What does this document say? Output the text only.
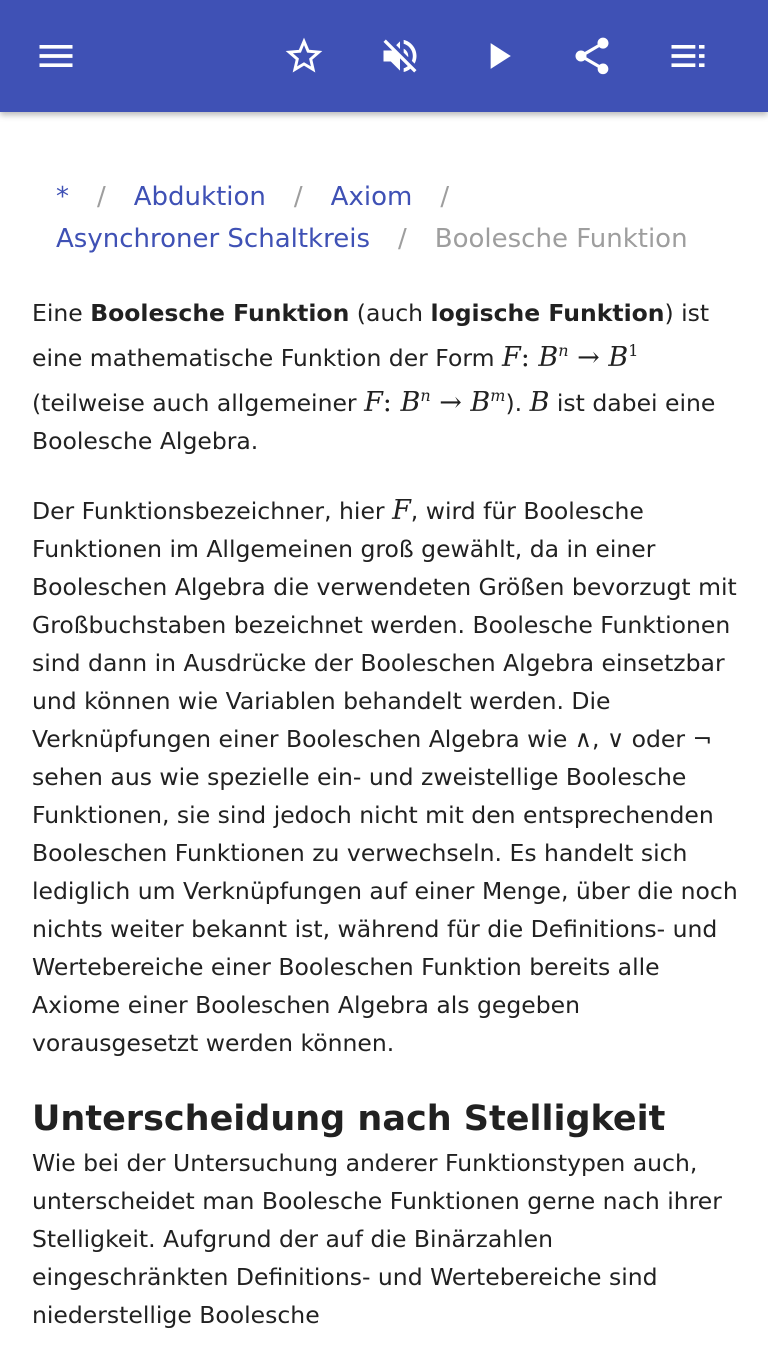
* / Abduktion / Axiom /
Asynchroner Schaltkreis / Boolesche Funktion

Eine Boolesche Funktion (auch logische Funktion) ist eine mathematische Funktion der Form F: $B^n \to B^1$ (teilweise auch allgemeiner F: $B^n \to B^m$). B ist dabei eine Boolesche Algebra.

Der Funktionsbezeichner, hier F, wird für Boolesche Funktionen im Allgemeinen groß gewählt, da in einer Booleschen Algebra die verwendeten Größen bevorzugt mit Großbuchstaben bezeichnet werden. Boolesche Funktionen sind dann in Ausdrücke der Booleschen Algebra einsetzbar und können wie Variablen behandelt werden. Die Verknüpfungen einer Booleschen Algebra wie ∧, ∨ oder ¬ sehen aus wie spezielle ein- und zweistellige Boolesche Funktionen, sie sind jedoch nicht mit den entsprechenden Booleschen Funktionen zu verwechseln. Es handelt sich lediglich um Verknüpfungen auf einer Menge, über die noch nichts weiter bekannt ist, während für die Definitions- und Wertebereiche einer Booleschen Funktion bereits alle Axiome einer Booleschen Algebra als gegeben vorausgesetzt werden können.

Unterscheidung nach Stelligkeit

Wie bei der Untersuchung anderer Funktionstypen auch, unterscheidet man Boolesche Funktionen gerne nach ihrer Stelligkeit. Aufgrund der auf die Binärzahlen eingeschränkten Definitions- und Wertebereiche sind niederstellige Boolesche
